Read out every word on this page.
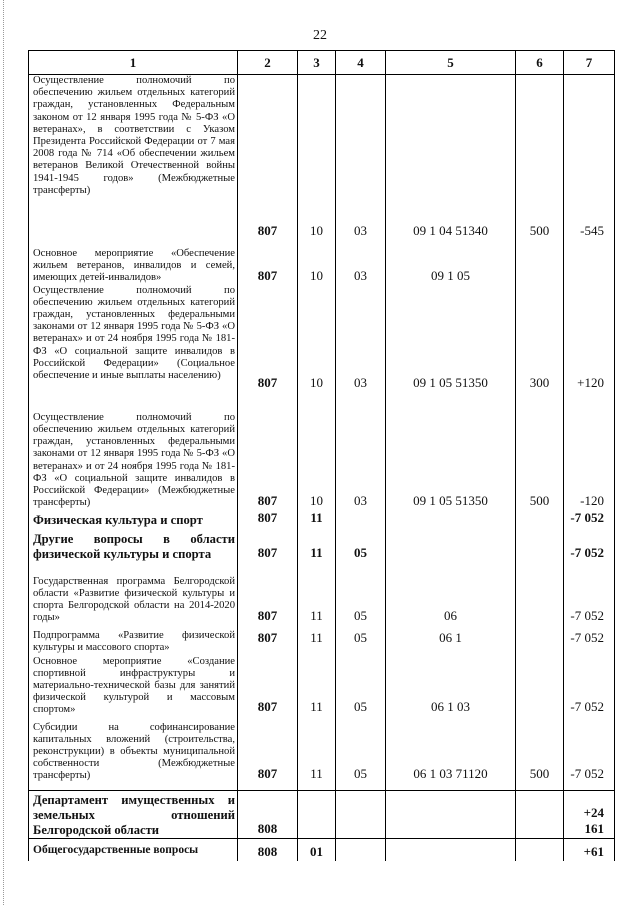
22
1	2	3	4	5	6	7
Осуществление полномочий по обеспечению жильем отдельных категорий граждан, установленных Федеральным законом от 12 января 1995 года № 5-ФЗ «О ветеранах», в соответствии с Указом Президента Российской Федерации от 7 мая 2008 года № 714 «Об обеспечении жильем ветеранов Великой Отечественной войны 1941-1945 годов» (Межбюджетные трансферты)	807	10	03	09 1 04 51340	500	-545

Основное мероприятие «Обеспечение жильем ветеранов, инвалидов и семей, имеющих детей-инвалидов»	807	10	03	09 1 05		
Осуществление полномочий по обеспечению жильем отдельных категорий граждан, установленных федеральными законами от 12 января 1995 года № 5-ФЗ «О ветеранах» и от 24 ноября 1995 года № 181-ФЗ «О социальной защите инвалидов в Российской Федерации» (Социальное обеспечение и иные выплаты населению)	807	10	03	09 1 05 51350	300	+120
Осуществление полномочий по обеспечению жильем отдельных категорий граждан, установленных федеральными законами от 12 января 1995 года № 5-ФЗ «О ветеранах» и от 24 ноября 1995 года № 181-ФЗ «О социальной защите инвалидов в Российской Федерации» (Межбюджетные трансферты)	807	10	03	09 1 05 51350	500	-120
Физическая культура и спорт	807	11				-7 052

Другие вопросы в области физической культуры и спорта	807	11	05			-7 052
Государственная программа Белгородской области «Развитие физической культуры и спорта Белгородской области на 2014-2020 годы»	807	11	05	06		-7 052

Подпрограмма «Развитие физической культуры и массового спорта»	807	11	05	06 1		-7 052
Основное мероприятие «Создание спортивной инфраструктуры и материально-технической базы для занятий физической культурой и массовым спортом»	807	11	05	06 1 03		-7 052
Субсидии на софинансирование капитальных вложений (строительства, реконструкции) в объекты муниципальной собственности (Межбюджетные трансферты)	807	11	05	06 1 03 71120	500	-7 052

Департамент имущественных и земельных отношений Белгородской области	808					+24 161

Общегосударственные вопросы	808	01				+61
